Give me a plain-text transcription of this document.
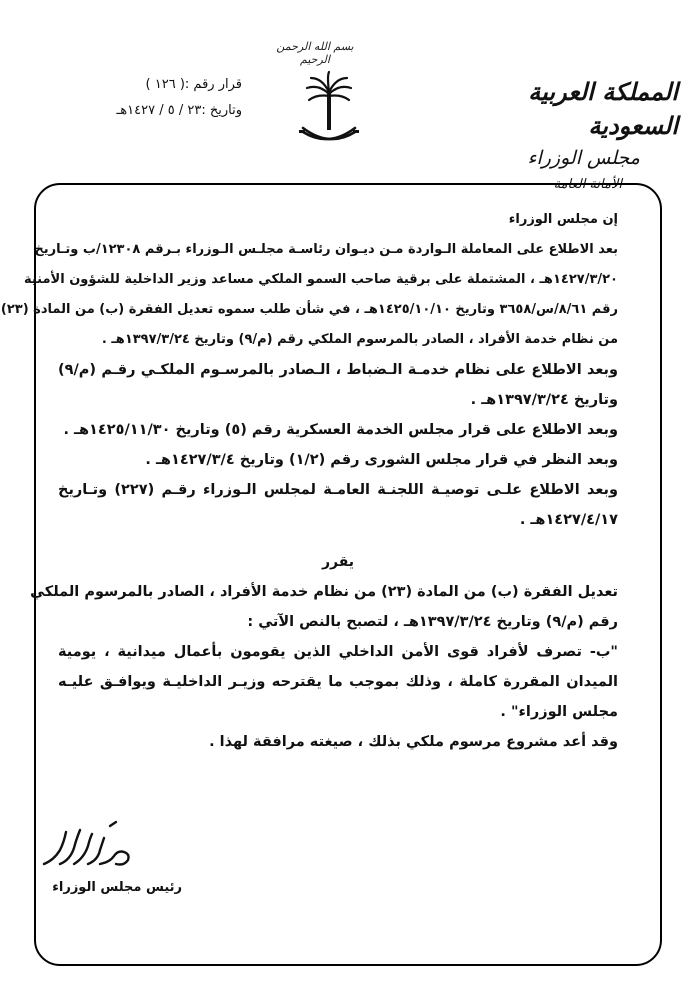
بسم الله الرحمن الرحيم
قرار رقم :( ١٢٦ )
وتاريخ :٢٣ / ٥ / ١٤٢٧هـ
المملكة العربية السعودية
مجلس الوزراء
الأمانة العامة
إن مجلس الوزراء
بعد الاطلاع على المعاملة الـواردة مـن ديـوان رئاسـة مجلـس الـوزراء بـرقم ١٢٣٠٨/ب وتـاريخ
١٤٢٧/٣/٢٠هـ ، المشتملة على برقية صاحب السمو الملكي مساعد وزير الداخلية للشؤون الأمنية
رقم ٨/٦١/س/٣٦٥٨ وتاريخ ١٤٢٥/١٠/١٠هـ ، في شأن طلب سموه تعديل الفقرة (ب) من المادة (٢٣)
من نظام خدمة الأفراد ، الصادر بالمرسوم الملكي رقم (م/٩) وتاريخ ١٣٩٧/٣/٢٤هـ .
وبعد الاطلاع على نظام خدمـة الـضباط ، الـصادر بالمرسـوم الملكـي رقـم (م/٩)
وتاريخ ١٣٩٧/٣/٢٤هـ .
وبعد الاطلاع على قرار مجلس الخدمة العسكرية رقم (٥) وتاريخ ١٤٢٥/١١/٣٠هـ .
وبعد النظر في قرار مجلس الشورى رقم (١/٢) وتاريخ ١٤٢٧/٣/٤هـ .
وبعد الاطلاع علـى توصيـة اللجنـة العامـة لمجلس الـوزراء رقـم (٢٢٧) وتـاريخ
١٤٢٧/٤/١٧هـ .
يقرر
تعديل الفقرة (ب) من المادة (٢٣) من نظام خدمة الأفراد ، الصادر بالمرسوم الملكي
رقم (م/٩) وتاريخ ١٣٩٧/٣/٢٤هـ ، لتصبح بالنص الآتي :
"ب- تصرف لأفراد قوى الأمن الداخلي الذين يقومون بأعمال ميدانية ، يومية
الميدان المقررة كاملة ، وذلك بموجب ما يقترحه وزيـر الداخليـة ويوافـق عليـه
مجلس الوزراء" .
وقد أعد مشروع مرسوم ملكي بذلك ، صيغته مرافقة لهذا .
رئيس مجلس الوزراء
